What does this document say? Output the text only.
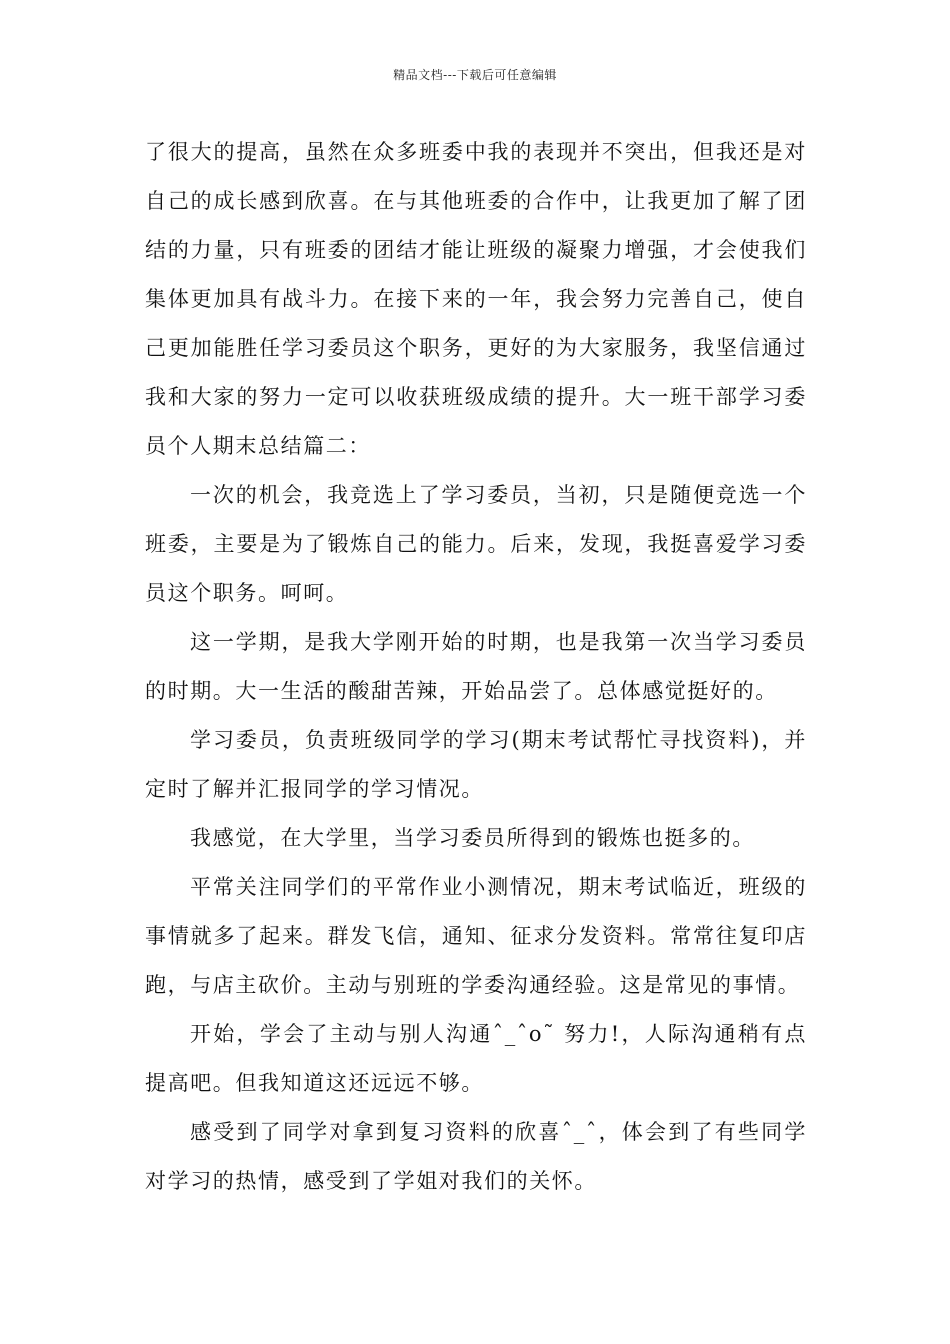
精品文档---下载后可任意编辑

了很大的提高，虽然在众多班委中我的表现并不突出，但我还是对自己的成长感到欣喜。在与其他班委的合作中，让我更加了解了团结的力量，只有班委的团结才能让班级的凝聚力增强，才会使我们集体更加具有战斗力。在接下来的一年，我会努力完善自己，使自己更加能胜任学习委员这个职务，更好的为大家服务，我坚信通过我和大家的努力一定可以收获班级成绩的提升。大一班干部学习委员个人期末总结篇二：

一次的机会，我竞选上了学习委员，当初，只是随便竞选一个班委，主要是为了锻炼自己的能力。后来，发现，我挺喜爱学习委员这个职务。呵呵。

这一学期，是我大学刚开始的时期，也是我第一次当学习委员的时期。大一生活的酸甜苦辣，开始品尝了。总体感觉挺好的。

学习委员，负责班级同学的学习(期末考试帮忙寻找资料)，并定时了解并汇报同学的学习情况。

我感觉，在大学里，当学习委员所得到的锻炼也挺多的。

平常关注同学们的平常作业小测情况，期末考试临近，班级的事情就多了起来。群发飞信，通知、征求分发资料。常常往复印店跑，与店主砍价。主动与别班的学委沟通经验。这是常见的事情。

开始，学会了主动与别人沟通ˆ_ˆo˜ 努力!，人际沟通稍有点提高吧。但我知道这还远远不够。

感受到了同学对拿到复习资料的欣喜ˆ_ˆ，体会到了有些同学对学习的热情，感受到了学姐对我们的关怀。
